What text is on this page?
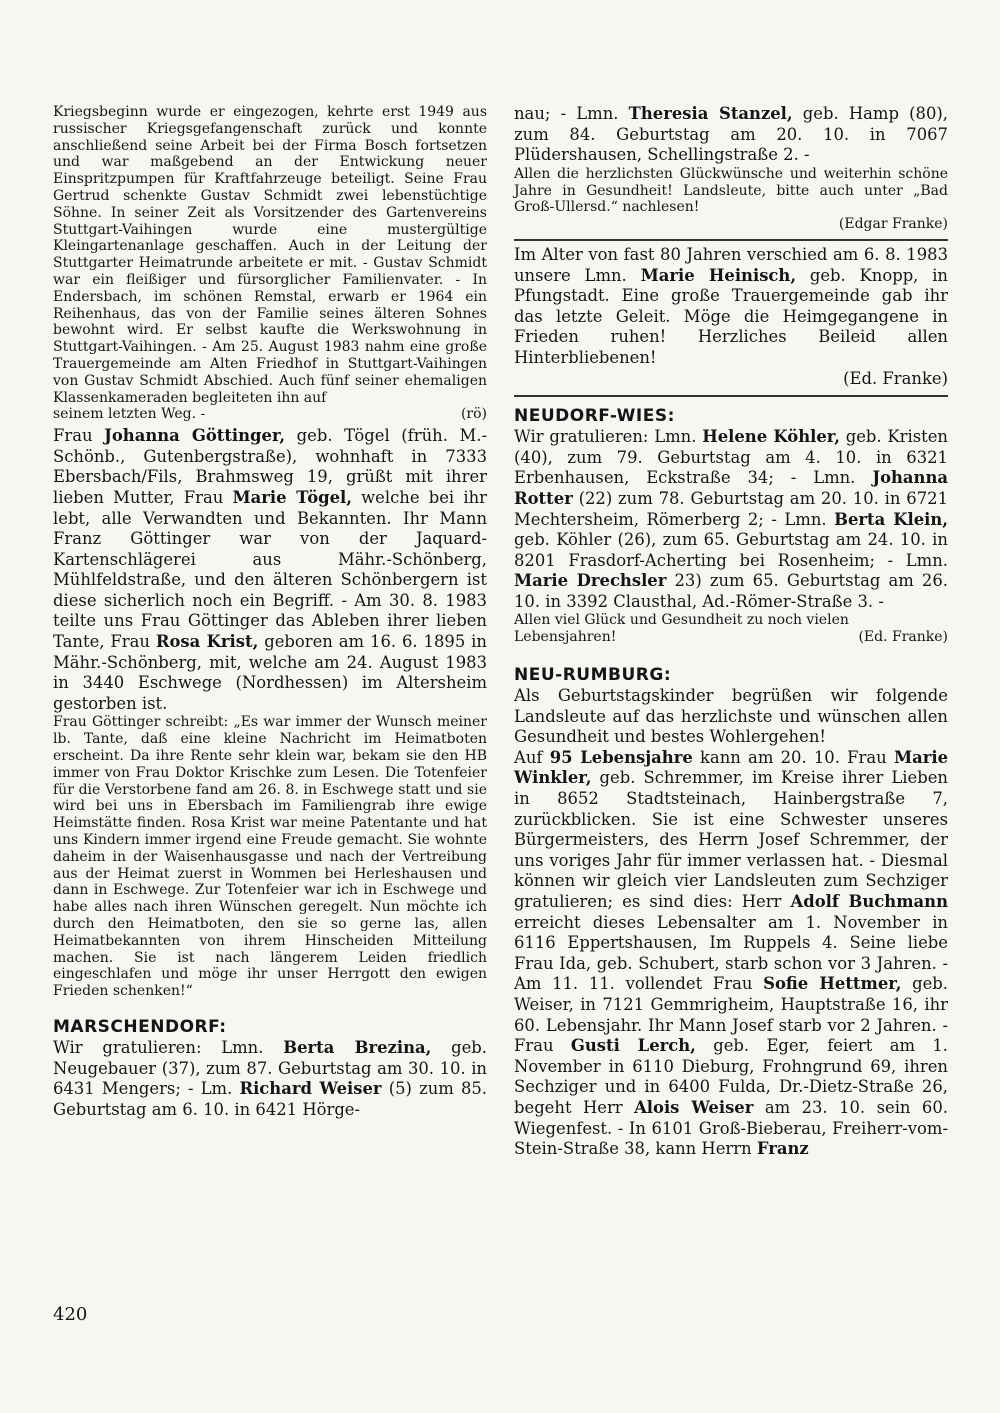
Kriegsbeginn wurde er eingezogen, kehrte erst 1949 aus russischer Kriegsgefangenschaft zurück und konnte anschließend seine Arbeit bei der Firma Bosch fortsetzen und war maßgebend an der Entwickung neuer Einspritzpumpen für Kraftfahrzeuge beteiligt. Seine Frau Gertrud schenkte Gustav Schmidt zwei lebenstüchtige Söhne. In seiner Zeit als Vorsitzender des Gartenvereins Stuttgart-Vaihingen wurde eine mustergültige Kleingartenanlage geschaffen. Auch in der Leitung der Stuttgarter Heimatrunde arbeitete er mit. - Gustav Schmidt war ein fleißiger und fürsorglicher Familienvater. - In Endersbach, im schönen Remstal, erwarb er 1964 ein Reihenhaus, das von der Familie seines älteren Sohnes bewohnt wird. Er selbst kaufte die Werkswohnung in Stuttgart-Vaihingen. - Am 25. August 1983 nahm eine große Trauergemeinde am Alten Friedhof in Stuttgart-Vaihingen von Gustav Schmidt Abschied. Auch fünf seiner ehemaligen Klassenkameraden begleiteten ihn auf

seinem letzten Weg. -	(rö)

Frau Johanna Göttinger, geb. Tögel (früh. M.-Schönb., Gutenbergstraße), wohnhaft in 7333 Ebersbach/Fils, Brahmsweg 19, grüßt mit ihrer lieben Mutter, Frau Marie Tögel, welche bei ihr lebt, alle Verwandten und Bekannten. Ihr Mann Franz Göttinger war von der Jaquard-Kartenschlägerei aus Mähr.-Schönberg, Mühlfeldstraße, und den älteren Schönbergern ist diese sicherlich noch ein Begriff. - Am 30. 8. 1983 teilte uns Frau Göttinger das Ableben ihrer lieben Tante, Frau Rosa Krist, geboren am 16. 6. 1895 in Mähr.-Schönberg, mit, welche am 24. August 1983 in 3440 Eschwege (Nordhessen) im Altersheim gestorben ist.

Frau Göttinger schreibt: „Es war immer der Wunsch meiner lb. Tante, daß eine kleine Nachricht im Heimatboten erscheint. Da ihre Rente sehr klein war, bekam sie den HB immer von Frau Doktor Krischke zum Lesen. Die Totenfeier für die Verstorbene fand am 26. 8. in Eschwege statt und sie wird bei uns in Ebersbach im Familiengrab ihre ewige Heimstätte finden. Rosa Krist war meine Patentante und hat uns Kindern immer irgend eine Freude gemacht. Sie wohnte daheim in der Waisenhausgasse und nach der Vertreibung aus der Heimat zuerst in Wommen bei Herleshausen und dann in Eschwege. Zur Totenfeier war ich in Eschwege und habe alles nach ihren Wünschen geregelt. Nun möchte ich durch den Heimatboten, den sie so gerne las, allen Heimatbekannten von ihrem Hinscheiden Mitteilung machen. Sie ist nach längerem Leiden friedlich eingeschlafen und möge ihr unser Herrgott den ewigen Frieden schenken!“

MARSCHENDORF:

Wir gratulieren: Lmn. Berta Brezina, geb. Neugebauer (37), zum 87. Geburtstag am 30. 10. in 6431 Mengers; - Lm. Richard Weiser (5) zum 85. Geburtstag am 6. 10. in 6421 Hörge-

nau; - Lmn. Theresia Stanzel, geb. Hamp (80), zum 84. Geburtstag am 20. 10. in 7067 Plüdershausen, Schellingstraße 2. -

Allen die herzlichsten Glückwünsche und weiterhin schöne Jahre in Gesundheit! Landsleute, bitte auch unter „Bad Groß-Ullersd.“ nachlesen!

(Edgar Franke)

Im Alter von fast 80 Jahren verschied am 6. 8. 1983 unsere Lmn. Marie Heinisch, geb. Knopp, in Pfungstadt. Eine große Trauergemeinde gab ihr das letzte Geleit. Möge die Heimgegangene in Frieden ruhen! Herzliches Beileid allen Hinterbliebenen!

(Ed. Franke)

NEUDORF-WIES:

Wir gratulieren: Lmn. Helene Köhler, geb. Kristen (40), zum 79. Geburtstag am 4. 10. in 6321 Erbenhausen, Eckstraße 34; - Lmn. Johanna Rotter (22) zum 78. Geburtstag am 20. 10. in 6721 Mechtersheim, Römerberg 2; - Lmn. Berta Klein, geb. Köhler (26), zum 65. Geburtstag am 24. 10. in 8201 Frasdorf-Acherting bei Rosenheim; - Lmn. Marie Drechsler 23) zum 65. Geburtstag am 26. 10. in 3392 Clausthal, Ad.-Römer-Straße 3. -

Allen viel Glück und Gesundheit zu noch vielen

Lebensjahren!	(Ed. Franke)
NEU-RUMBURG:

Als Geburtstagskinder begrüßen wir folgende Landsleute auf das herzlichste und wünschen allen Gesundheit und bestes Wohlergehen!

Auf 95 Lebensjahre kann am 20. 10. Frau Marie Winkler, geb. Schremmer, im Kreise ihrer Lieben in 8652 Stadtsteinach, Hainbergstraße 7, zurückblicken. Sie ist eine Schwester unseres Bürgermeisters, des Herrn Josef Schremmer, der uns voriges Jahr für immer verlassen hat. - Diesmal können wir gleich vier Landsleuten zum Sechziger gratulieren; es sind dies: Herr Adolf Buchmann erreicht dieses Lebensalter am 1. November in 6116 Eppertshausen, Im Ruppels 4. Seine liebe Frau Ida, geb. Schubert, starb schon vor 3 Jahren. - Am 11. 11. vollendet Frau Sofie Hettmer, geb. Weiser, in 7121 Gemmrigheim, Hauptstraße 16, ihr 60. Lebensjahr. Ihr Mann Josef starb vor 2 Jahren. - Frau Gusti Lerch, geb. Eger, feiert am 1. November in 6110 Dieburg, Frohngrund 69, ihren Sechziger und in 6400 Fulda, Dr.-Dietz-Straße 26, begeht Herr Alois Weiser am 23. 10. sein 60. Wiegenfest. - In 6101 Groß-Bieberau, Freiherr-vom-Stein-Straße 38, kann Herrn Franz

420
